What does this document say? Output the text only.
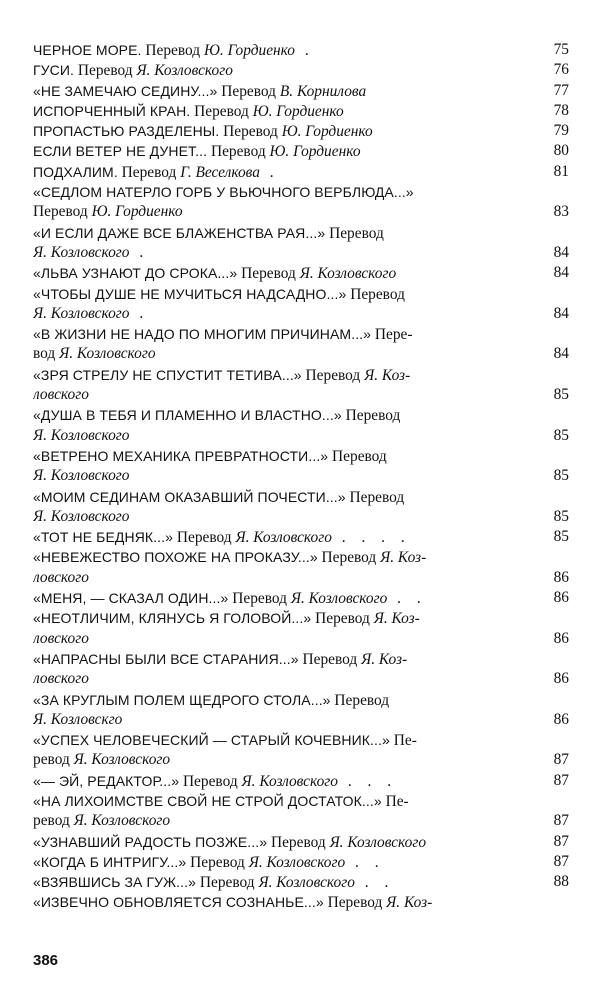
ЧЕРНОЕ МОРЕ. Перевод Ю. Гордиенко .	75
ГУСИ. Перевод Я. Козловского	76
«НЕ ЗАМЕЧАЮ СЕДИНУ...» Перевод В. Корнилова	77
ИСПОРЧЕННЫЙ КРАН. Перевод Ю. Гордиенко	78
ПРОПАСТЬЮ РАЗДЕЛЕНЫ. Перевод Ю. Гордиенко	79
ЕСЛИ ВЕТЕР НЕ ДУНЕТ... Перевод Ю. Гордиенко	80
ПОДХАЛИМ. Перевод Г. Веселкова .	81
«СЕДЛОМ НАТЕРЛО ГОРБ У ВЬЮЧНОГО ВЕРБЛЮДА...»
Перевод Ю. Гордиенко	83
«И ЕСЛИ ДАЖЕ ВСЕ БЛАЖЕНСТВА РАЯ...» Перевод
Я. Козловского .	84
«ЛЬВА УЗНАЮТ ДО СРОКА...» Перевод Я. Козловского	84
«ЧТОБЫ ДУШЕ НЕ МУЧИТЬСЯ НАДСАДНО...» Перевод
Я. Козловского .	84
«В ЖИЗНИ НЕ НАДО ПО МНОГИМ ПРИЧИНАМ...» Пере-
вод Я. Козловского	84
«ЗРЯ СТРЕЛУ НЕ СПУСТИТ ТЕТИВА...» Перевод Я. Коз-
ловского	85
«ДУША В ТЕБЯ И ПЛАМЕННО И ВЛАСТНО...» Перевод
Я. Козловского	85
«ВЕТРЕНО МЕХАНИКА ПРЕВРАТНОСТИ...» Перевод
Я. Козловского	85
«МОИМ СЕДИНАМ ОКАЗАВШИЙ ПОЧЕСТИ...» Перевод
Я. Козловского	85
«ТОТ НЕ БЕДНЯК...» Перевод Я. Козловского . . . .	85
«НЕВЕЖЕСТВО ПОХОЖЕ НА ПРОКАЗУ...» Перевод Я. Коз-
ловского	86
«МЕНЯ, — СКАЗАЛ ОДИН...» Перевод Я. Козловского . .	86
«НЕОТЛИЧИМ, КЛЯНУСЬ Я ГОЛОВОЙ...» Перевод Я. Коз-
ловского	86
«НАПРАСНЫ БЫЛИ ВСЕ СТАРАНИЯ...» Перевод Я. Коз-
ловского	86
«ЗА КРУГЛЫМ ПОЛЕМ ЩЕДРОГО СТОЛА...» Перевод
Я. Козловскго	86
«УСПЕХ ЧЕЛОВЕЧЕСКИЙ — СТАРЫЙ КОЧЕВНИК...» Пе-
ревод Я. Козловского	87
«— ЭЙ, РЕДАКТОР...» Перевод Я. Козловского . . .	87
«НА ЛИХОИМСТВЕ СВОЙ НЕ СТРОЙ ДОСТАТОК...» Пе-
ревод Я. Козловского	87
«УЗНАВШИЙ РАДОСТЬ ПОЗЖЕ...» Перевод Я. Козловского	87
«КОГДА Б ИНТРИГУ...» Перевод Я. Козловского . .	87
«ВЗЯВШИСЬ ЗА ГУЖ...» Перевод Я. Козловского . .	88
«ИЗВЕЧНО ОБНОВЛЯЕТСЯ СОЗНАНЬЕ...» Перевод Я. Коз-
386
